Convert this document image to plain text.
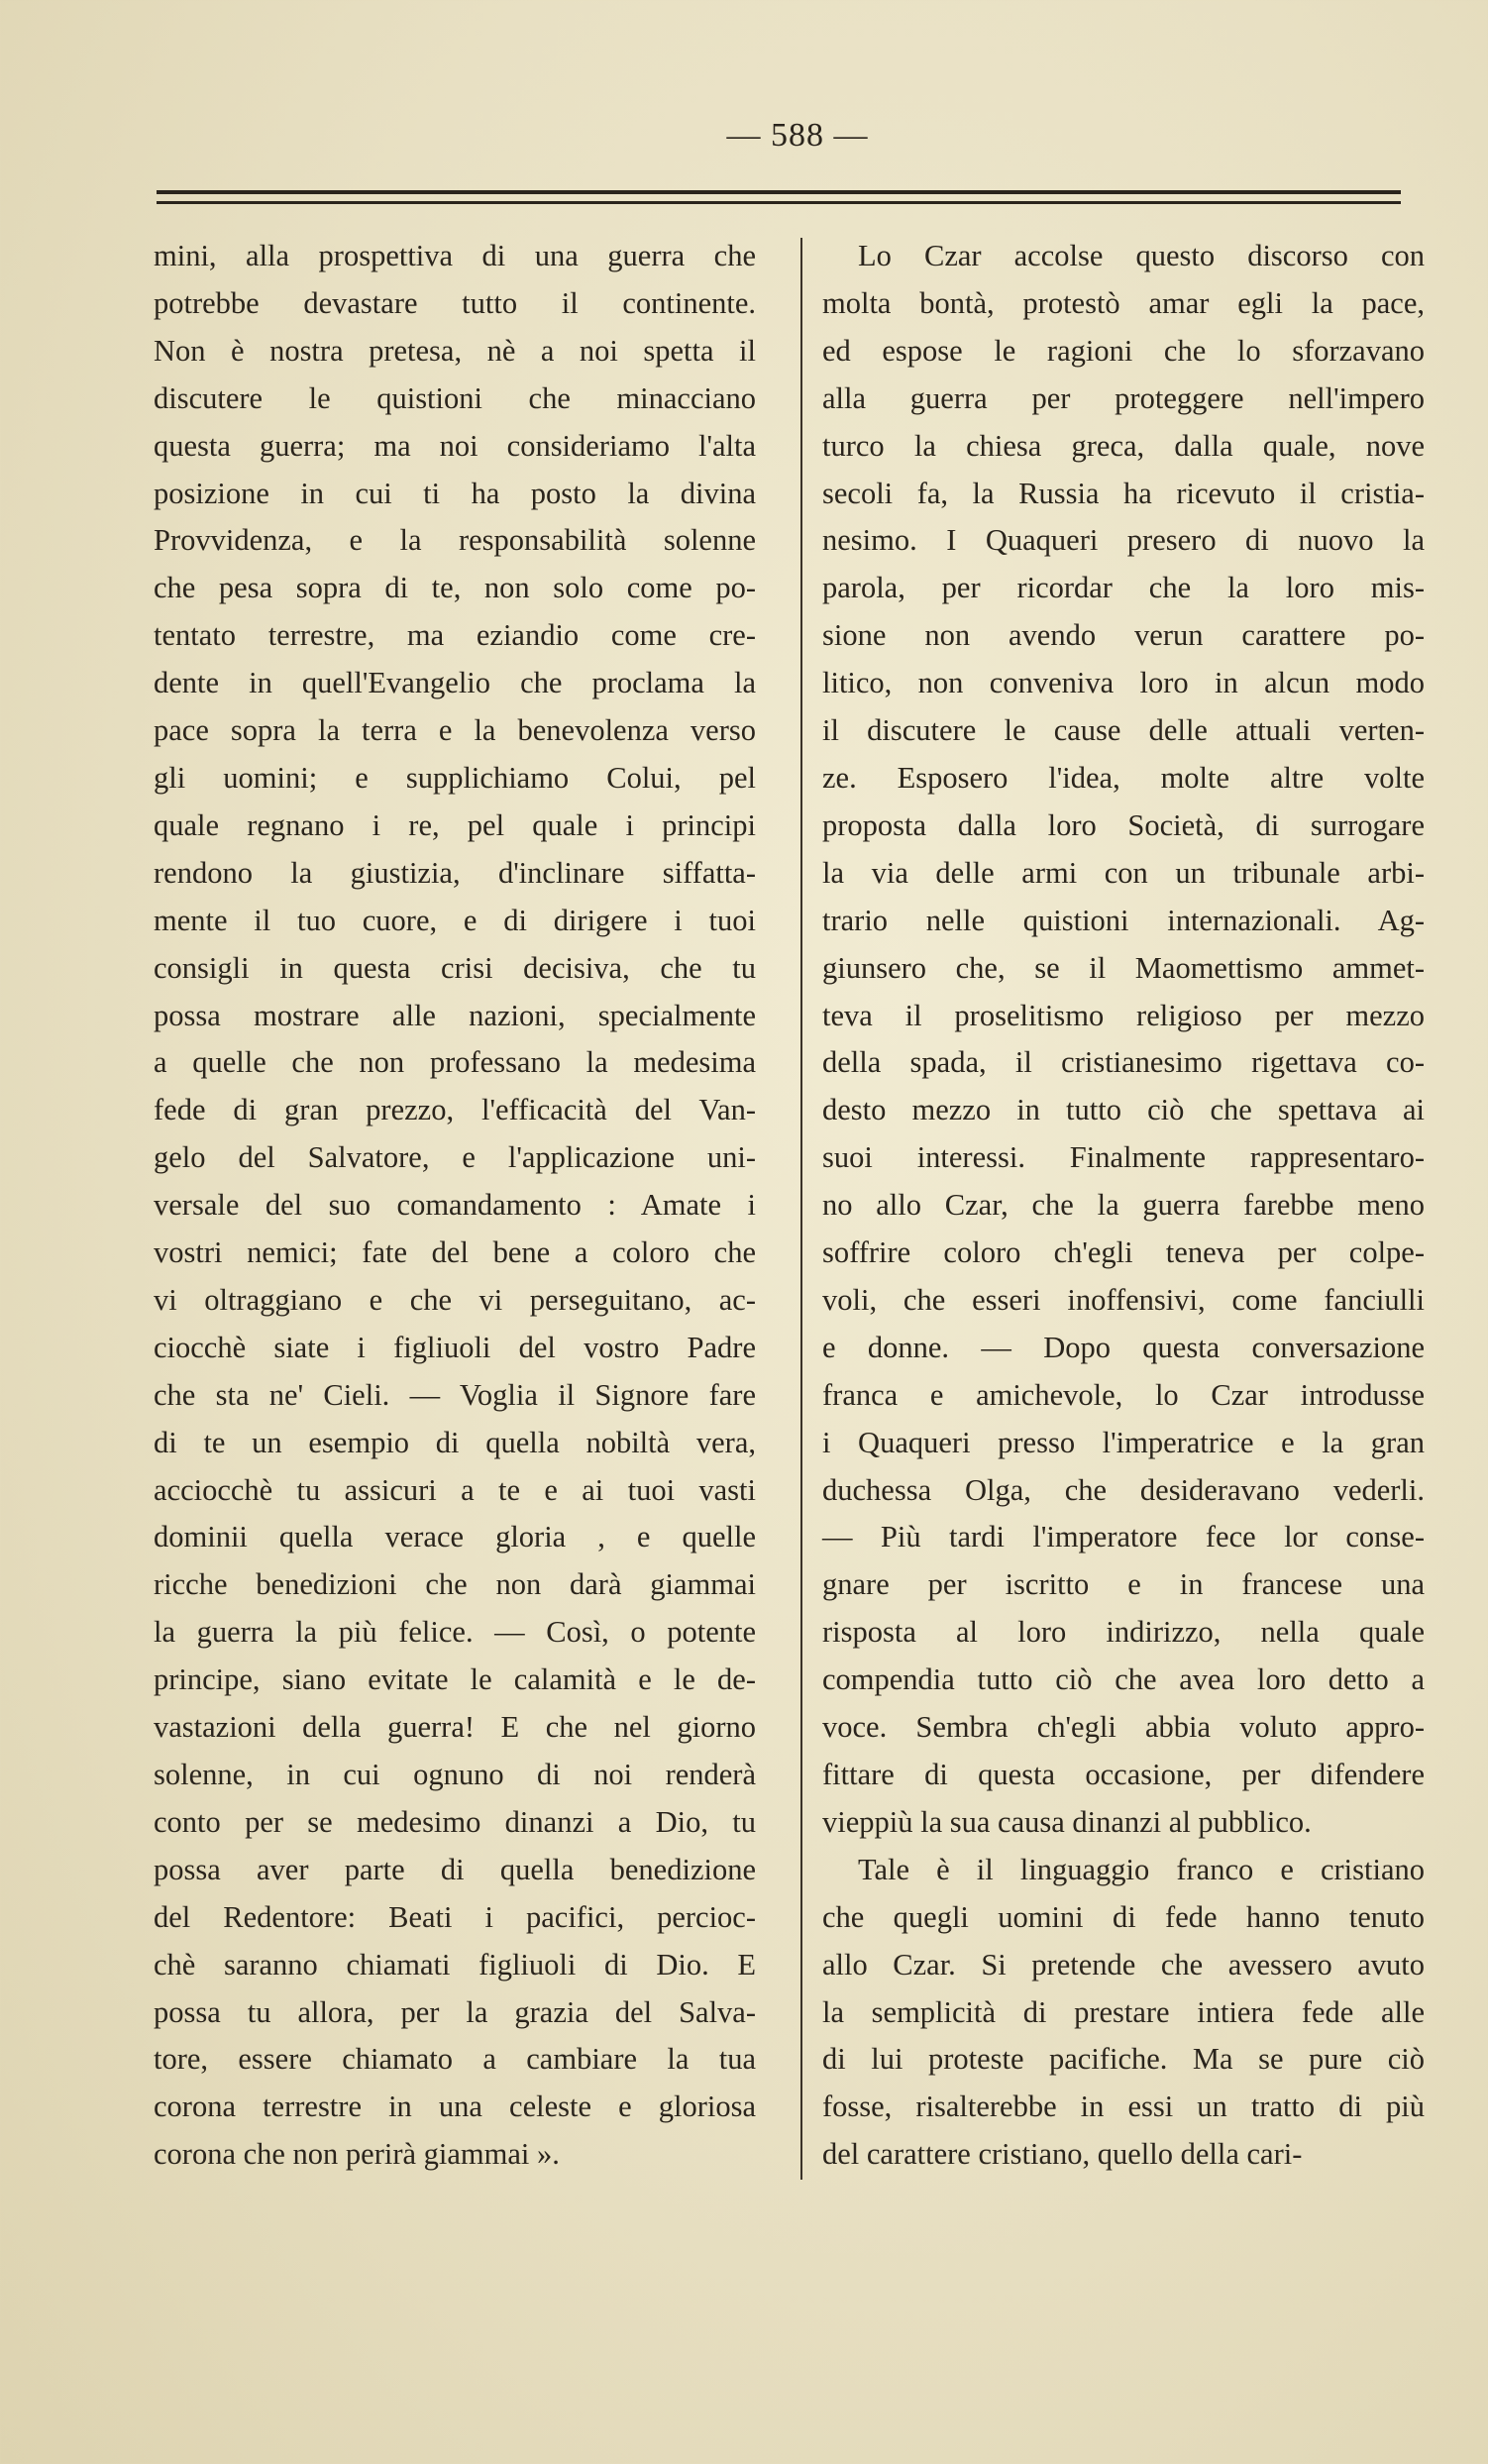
— 588 —
mini, alla prospettiva di una guerra che
potrebbe devastare tutto il continente.
Non è nostra pretesa, nè a noi spetta il
discutere le quistioni che minacciano
questa guerra; ma noi consideriamo l'alta
posizione in cui ti ha posto la divina
Provvidenza, e la responsabilità solenne
che pesa sopra di te, non solo come po-
tentato terrestre, ma eziandio come cre-
dente in quell'Evangelio che proclama la
pace sopra la terra e la benevolenza verso
gli uomini; e supplichiamo Colui, pel
quale regnano i re, pel quale i principi
rendono la giustizia, d'inclinare siffatta-
mente il tuo cuore, e di dirigere i tuoi
consigli in questa crisi decisiva, che tu
possa mostrare alle nazioni, specialmente
a quelle che non professano la medesima
fede di gran prezzo, l'efficacità del Van-
gelo del Salvatore, e l'applicazione uni-
versale del suo comandamento : Amate i
vostri nemici; fate del bene a coloro che
vi oltraggiano e che vi perseguitano, ac-
ciocchè siate i figliuoli del vostro Padre
che sta ne' Cieli. — Voglia il Signore fare
di te un esempio di quella nobiltà vera,
acciocchè tu assicuri a te e ai tuoi vasti
dominii quella verace gloria , e quelle
ricche benedizioni che non darà giammai
la guerra la più felice. — Così, o potente
principe, siano evitate le calamità e le de-
vastazioni della guerra! E che nel giorno
solenne, in cui ognuno di noi renderà
conto per se medesimo dinanzi a Dio, tu
possa aver parte di quella benedizione
del Redentore: Beati i pacifici, percioc-
chè saranno chiamati figliuoli di Dio. E
possa tu allora, per la grazia del Salva-
tore, essere chiamato a cambiare la tua
corona terrestre in una celeste e gloriosa
corona che non perirà giammai ».
Lo Czar accolse questo discorso con
molta bontà, protestò amar egli la pace,
ed espose le ragioni che lo sforzavano
alla guerra per proteggere nell'impero
turco la chiesa greca, dalla quale, nove
secoli fa, la Russia ha ricevuto il cristia-
nesimo. I Quaqueri presero di nuovo la
parola, per ricordar che la loro mis-
sione non avendo verun carattere po-
litico, non conveniva loro in alcun modo
il discutere le cause delle attuali verten-
ze. Esposero l'idea, molte altre volte
proposta dalla loro Società, di surrogare
la via delle armi con un tribunale arbi-
trario nelle quistioni internazionali. Ag-
giunsero che, se il Maomettismo ammet-
teva il proselitismo religioso per mezzo
della spada, il cristianesimo rigettava co-
desto mezzo in tutto ciò che spettava ai
suoi interessi. Finalmente rappresentaro-
no allo Czar, che la guerra farebbe meno
soffrire coloro ch'egli teneva per colpe-
voli, che esseri inoffensivi, come fanciulli
e donne. — Dopo questa conversazione
franca e amichevole, lo Czar introdusse
i Quaqueri presso l'imperatrice e la gran
duchessa Olga, che desideravano vederli.
— Più tardi l'imperatore fece lor conse-
gnare per iscritto e in francese una
risposta al loro indirizzo, nella quale
compendia tutto ciò che avea loro detto a
voce. Sembra ch'egli abbia voluto appro-
fittare di questa occasione, per difendere
vieppiù la sua causa dinanzi al pubblico.
Tale è il linguaggio franco e cristiano
che quegli uomini di fede hanno tenuto
allo Czar. Si pretende che avessero avuto
la semplicità di prestare intiera fede alle
di lui proteste pacifiche. Ma se pure ciò
fosse, risalterebbe in essi un tratto di più
del carattere cristiano, quello della cari-
